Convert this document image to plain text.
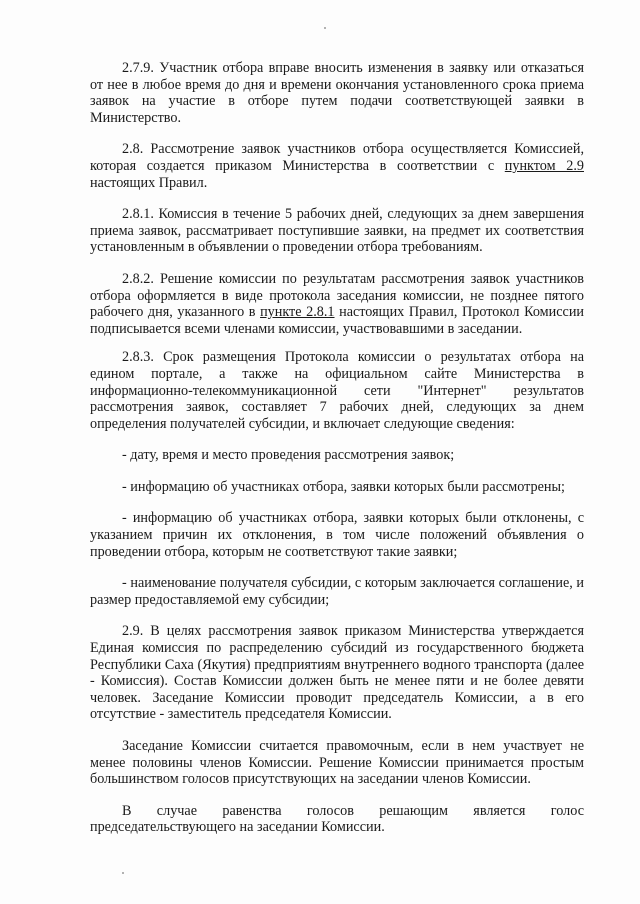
2.7.9. Участник отбора вправе вносить изменения в заявку или отказаться от нее в любое время до дня и времени окончания установленного срока приема заявок на участие в отборе путем подачи соответствующей заявки в Министерство.

2.8. Рассмотрение заявок участников отбора осуществляется Комиссией, которая создается приказом Министерства в соответствии с пунктом 2.9 настоящих Правил.

2.8.1. Комиссия в течение 5 рабочих дней, следующих за днем завершения приема заявок, рассматривает поступившие заявки, на предмет их соответствия установленным в объявлении о проведении отбора требованиям.

2.8.2. Решение комиссии по результатам рассмотрения заявок участников отбора оформляется в виде протокола заседания комиссии, не позднее пятого рабочего дня, указанного в пункте 2.8.1 настоящих Правил, Протокол Комиссии подписывается всеми членами комиссии, участвовавшими в заседании.

2.8.3. Срок размещения Протокола комиссии о результатах отбора на едином портале, а также на официальном сайте Министерства в информационно-телекоммуникационной сети "Интернет" результатов рассмотрения заявок, составляет 7 рабочих дней, следующих за днем определения получателей субсидии, и включает следующие сведения:

- дату, время и место проведения рассмотрения заявок;

- информацию об участниках отбора, заявки которых были рассмотрены;

- информацию об участниках отбора, заявки которых были отклонены, с указанием причин их отклонения, в том числе положений объявления о проведении отбора, которым не соответствуют такие заявки;

- наименование получателя субсидии, с которым заключается соглашение, и размер предоставляемой ему субсидии;

2.9. В целях рассмотрения заявок приказом Министерства утверждается Единая комиссия по распределению субсидий из государственного бюджета Республики Саха (Якутия) предприятиям внутреннего водного транспорта (далее - Комиссия). Состав Комиссии должен быть не менее пяти и не более девяти человек. Заседание Комиссии проводит председатель Комиссии, а в его отсутствие - заместитель председателя Комиссии.

Заседание Комиссии считается правомочным, если в нем участвует не менее половины членов Комиссии. Решение Комиссии принимается простым большинством голосов присутствующих на заседании членов Комиссии.

В случае равенства голосов решающим является голос председательствующего на заседании Комиссии.
